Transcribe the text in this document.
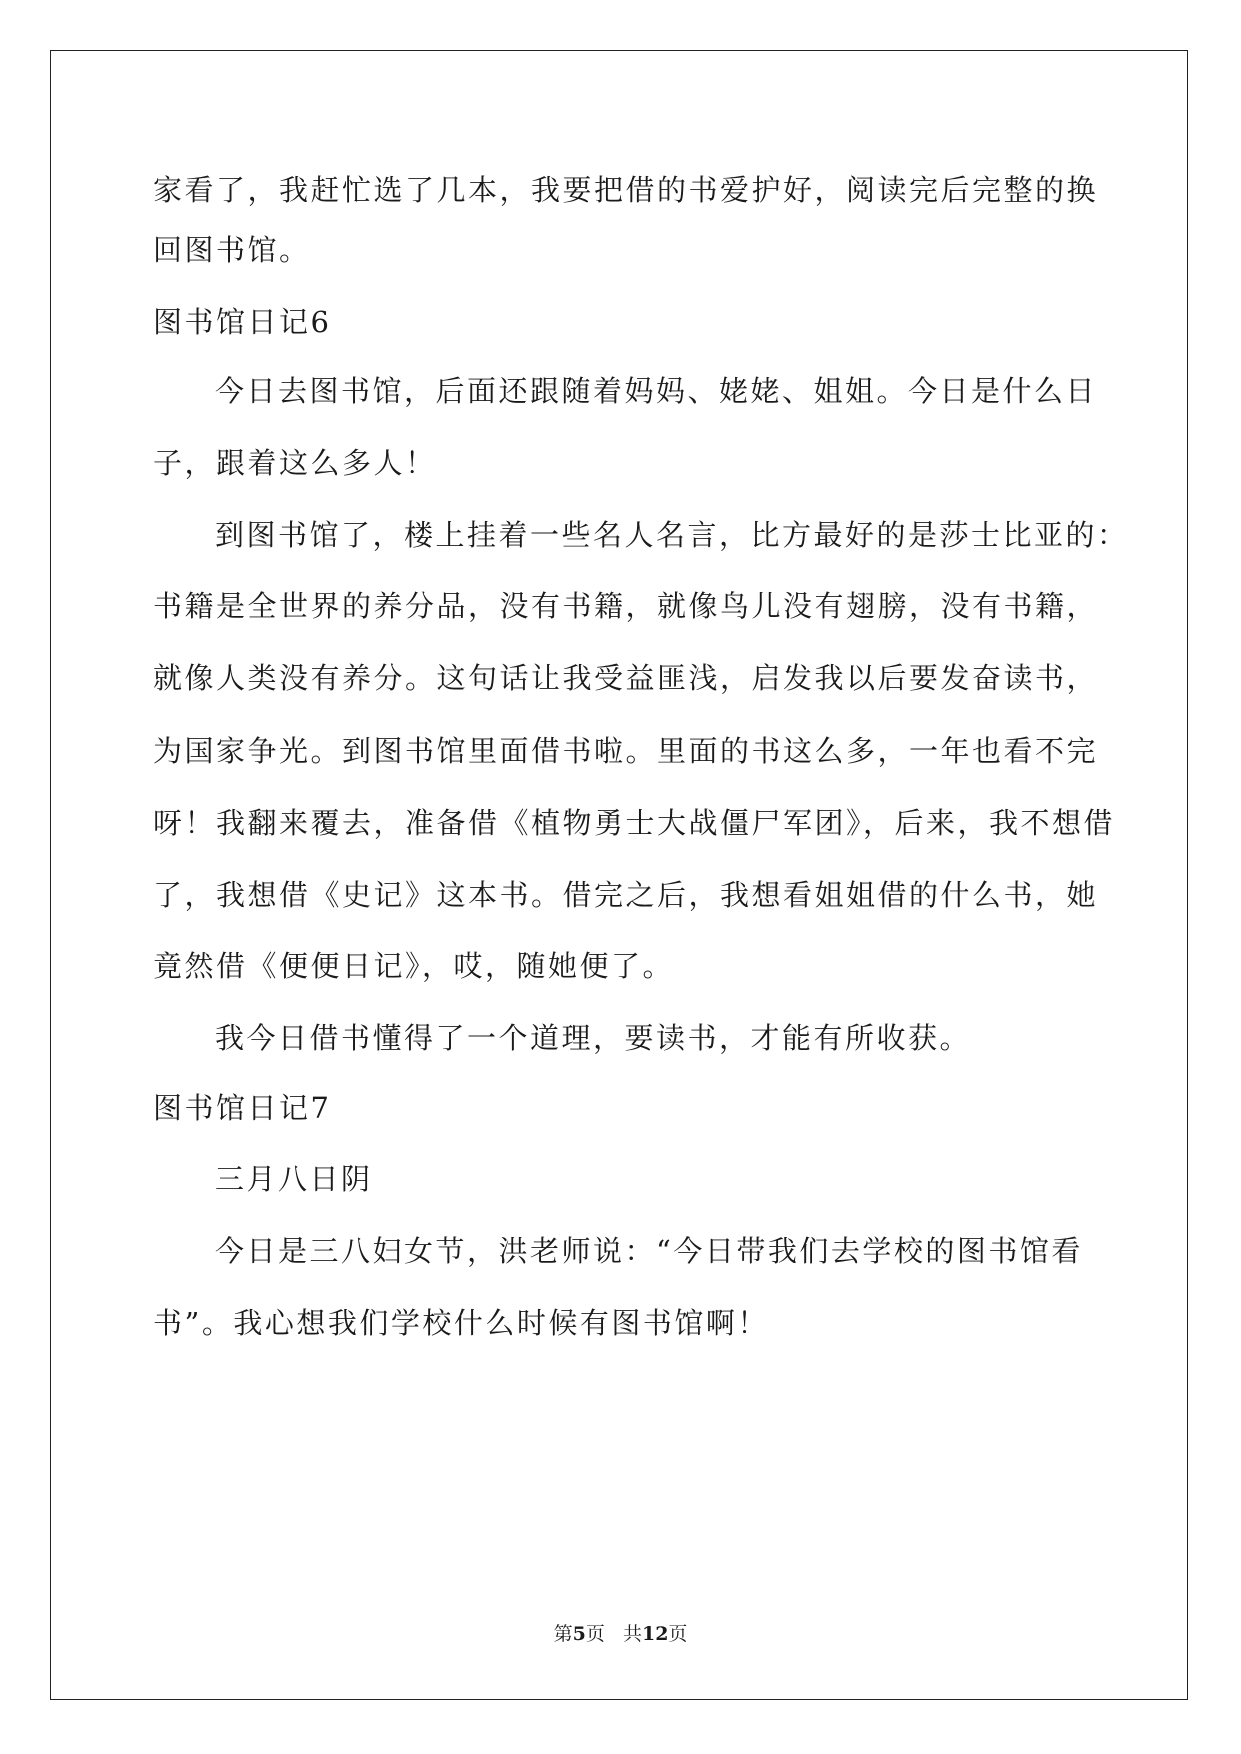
家看了，我赶忙选了几本，我要把借的书爱护好，阅读完后完整的换
回图书馆。
图书馆日记6
今日去图书馆，后面还跟随着妈妈、姥姥、姐姐。今日是什么日
子，跟着这么多人！
到图书馆了，楼上挂着一些名人名言，比方最好的是莎士比亚的：
书籍是全世界的养分品，没有书籍，就像鸟儿没有翅膀，没有书籍，
就像人类没有养分。这句话让我受益匪浅，启发我以后要发奋读书，
为国家争光。到图书馆里面借书啦。里面的书这么多，一年也看不完
呀！我翻来覆去，准备借《植物勇士大战僵尸军团》，后来，我不想借
了，我想借《史记》这本书。借完之后，我想看姐姐借的什么书，她
竟然借《便便日记》，哎，随她便了。
我今日借书懂得了一个道理，要读书，才能有所收获。
图书馆日记7
三月八日阴
今日是三八妇女节，洪老师说：“今日带我们去学校的图书馆看
书”。我心想我们学校什么时候有图书馆啊！
第5页 共12页
